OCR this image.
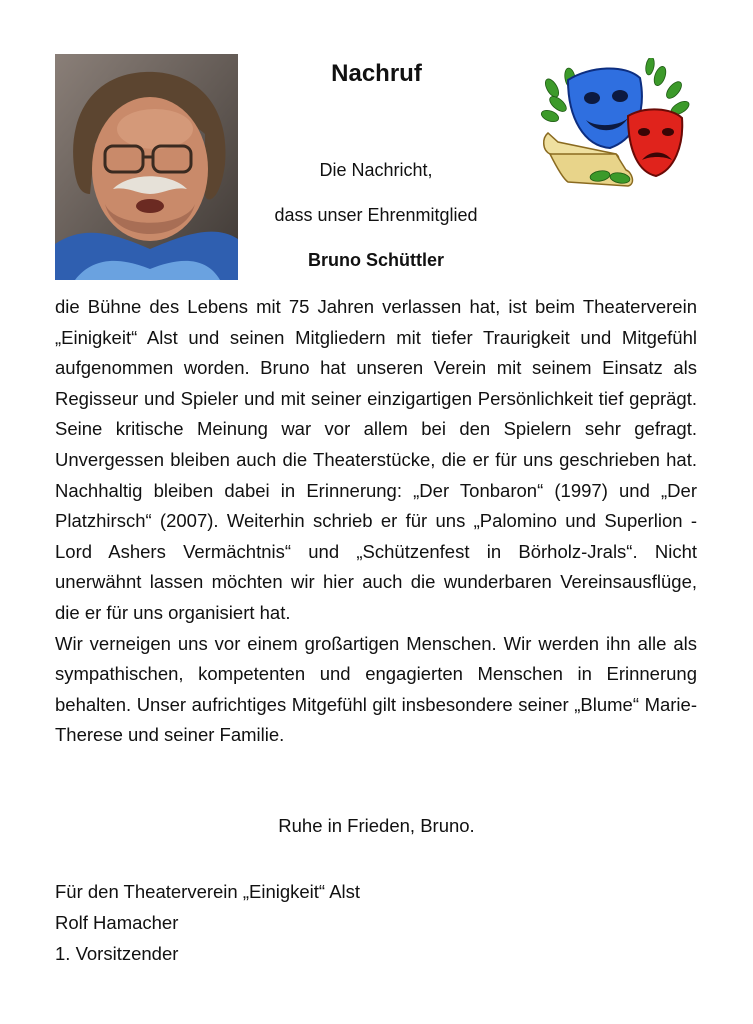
Nachruf
Die Nachricht,
dass unser Ehrenmitglied
Bruno Schüttler

die Bühne des Lebens mit 75 Jahren verlassen hat, ist beim Theaterverein „Einigkeit“ Alst und seinen Mitgliedern mit tiefer Traurigkeit und Mitgefühl aufgenommen worden. Bruno hat unseren Verein mit seinem Einsatz als Regisseur und Spieler und mit seiner einzigartigen Persönlichkeit tief geprägt. Seine kritische Meinung war vor allem bei den Spielern sehr gefragt. Unvergessen bleiben auch die Theaterstücke, die er für uns geschrieben hat. Nachhaltig bleiben dabei in Erinnerung: „Der Tonbaron“ (1997) und „Der Platzhirsch“ (2007). Weiterhin schrieb er für uns „Palomino und Superlion - Lord Ashers Vermächtnis“ und „Schützenfest in Börholz-Jrals“. Nicht unerwähnt lassen möchten wir hier auch die wunderbaren Vereinsausflüge, die er für uns organisiert hat.

Wir verneigen uns vor einem großartigen Menschen. Wir werden ihn alle als sympathischen, kompetenten und engagierten Menschen in Erinnerung behalten. Unser aufrichtiges Mitgefühl gilt insbesondere seiner „Blume“ Marie-Therese und seiner Familie.

Ruhe in Frieden, Bruno.
Für den Theaterverein „Einigkeit“ Alst
Rolf Hamacher
1. Vorsitzender
